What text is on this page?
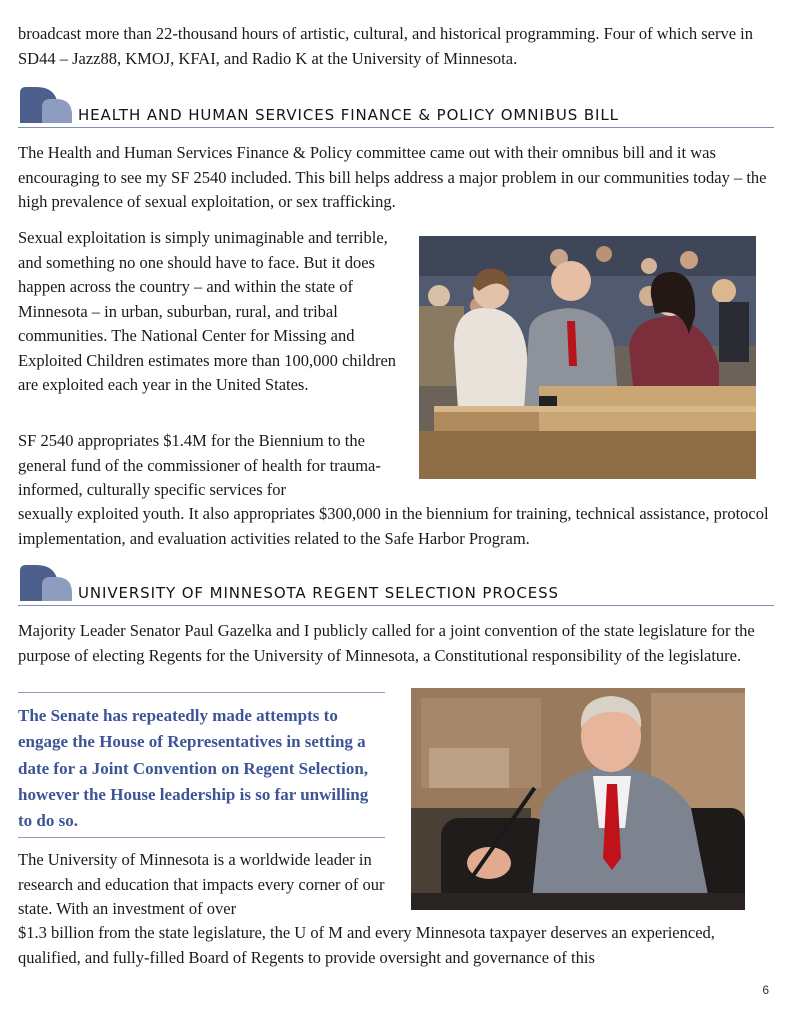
broadcast more than 22-thousand hours of artistic, cultural, and historical programming. Four of which serve in SD44 – Jazz88, KMOJ, KFAI, and Radio K at the University of Minnesota.

HEALTH AND HUMAN SERVICES FINANCE & POLICY OMNIBUS BILL

The Health and Human Services Finance & Policy committee came out with their omnibus bill and it was encouraging to see my SF 2540 included. This bill helps address a major problem in our communities today – the high prevalence of sexual exploitation, or sex trafficking.

Sexual exploitation is simply unimaginable and terrible, and something no one should have to face. But it does happen across the country – and within the state of Minnesota – in urban, suburban, rural, and tribal communities. The National Center for Missing and Exploited Children estimates more than 100,000 children are exploited each year in the United States.

SF 2540 appropriates $1.4M for the Biennium to the general fund of the commissioner of health for trauma-informed, culturally specific services for

sexually exploited youth. It also appropriates $300,000 in the biennium for training, technical assistance, protocol implementation, and evaluation activities related to the Safe Harbor Program.

UNIVERSITY OF MINNESOTA REGENT SELECTION PROCESS

Majority Leader Senator Paul Gazelka and I publicly called for a joint convention of the state legislature for the purpose of electing Regents for the University of Minnesota, a Constitutional responsibility of the legislature.

The Senate has repeatedly made attempts to engage the House of Representatives in setting a date for a Joint Convention on Regent Selection, however the House leadership is so far unwilling to do so.

The University of Minnesota is a worldwide leader in research and education that impacts every corner of our state. With an investment of over

$1.3 billion from the state legislature, the U of M and every Minnesota taxpayer deserves an experienced, qualified, and fully-filled Board of Regents to provide oversight and governance of this

6
